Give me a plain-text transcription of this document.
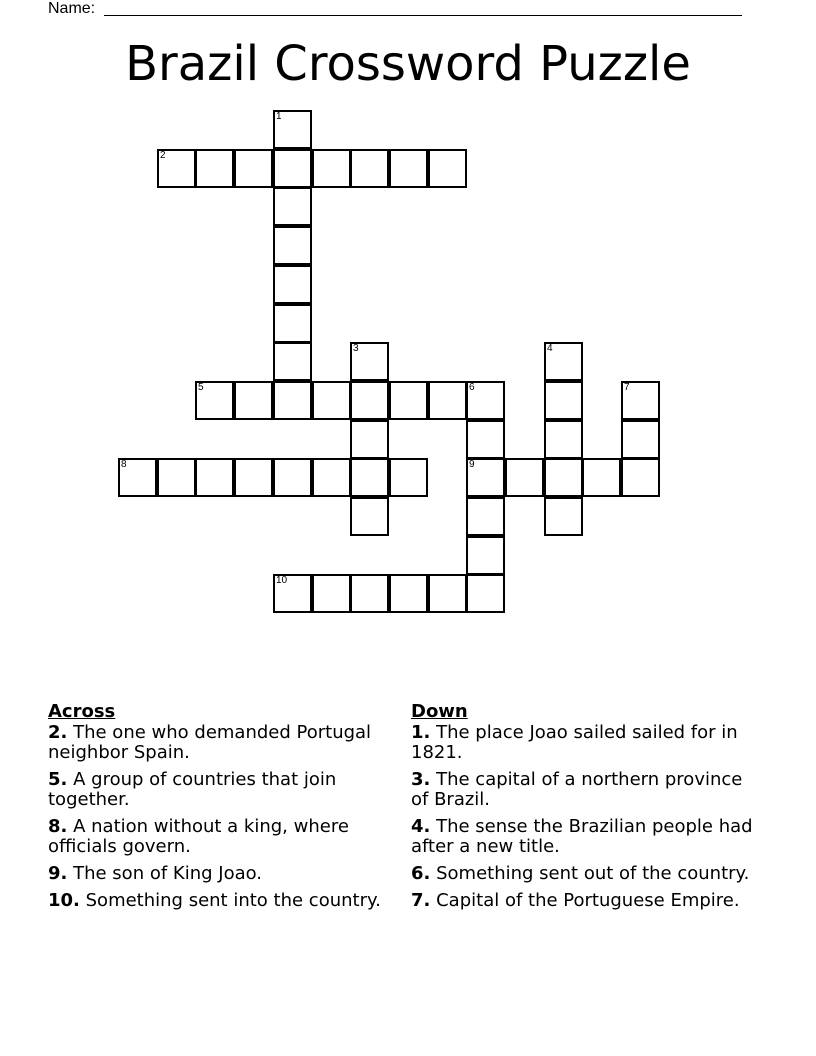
Name:
Brazil Crossword Puzzle
1
2
3	4
5	6	7
8	9
10
Across
2. The one who demanded Portugal neighbor Spain.
5. A group of countries that join together.
8. A nation without a king, where officials govern.
9. The son of King Joao.
10. Something sent into the country.
Down
1. The place Joao sailed sailed for in 1821.
3. The capital of a northern province of Brazil.
4. The sense the Brazilian people had after a new title.
6. Something sent out of the country.
7. Capital of the Portuguese Empire.
